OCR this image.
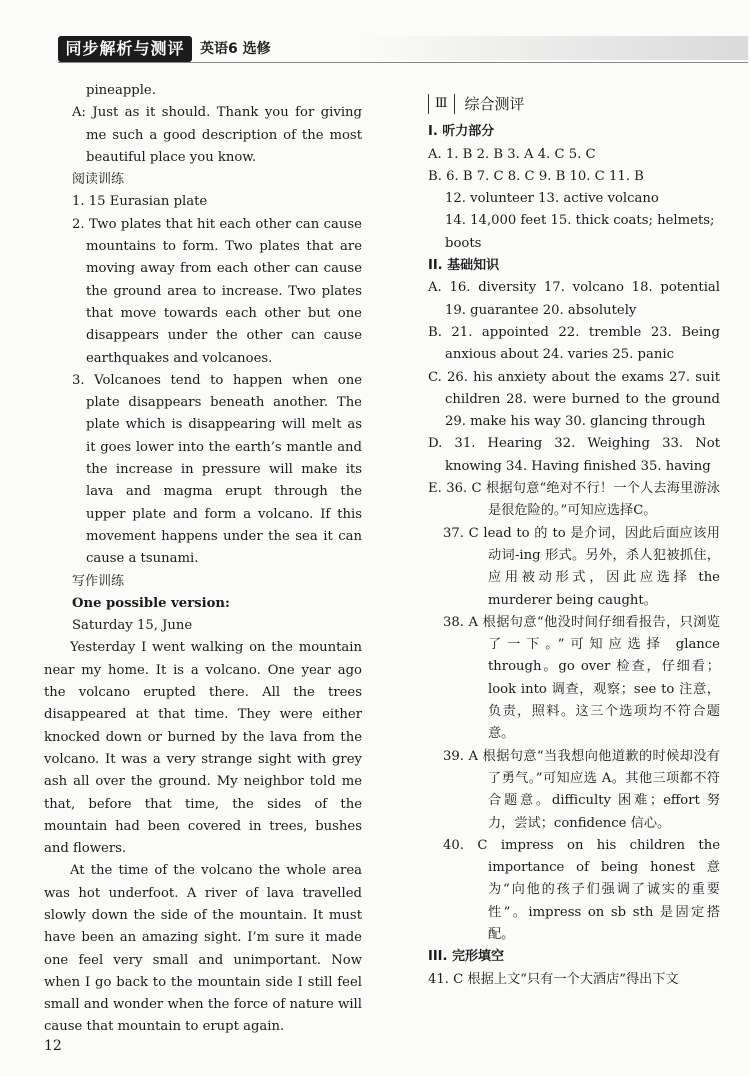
同步解析与测评	英语6 选修

pineapple.

A: Just as it should. Thank you for giving me such a good description of the most beautiful place you know.

阅读训练

1. 15 Eurasian plate

2. Two plates that hit each other can cause mountains to form. Two plates that are moving away from each other can cause the ground area to increase. Two plates that move towards each other but one disappears under the other can cause earthquakes and volcanoes.

3. Volcanoes tend to happen when one plate disappears beneath another. The plate which is disappearing will melt as it goes lower into the earth’s mantle and the increase in pressure will make its lava and magma erupt through the upper plate and form a volcano. If this movement happens under the sea it can cause a tsunami.

写作训练

One possible version:

Saturday 15, June

Yesterday I went walking on the mountain near my home. It is a volcano. One year ago the volcano erupted there. All the trees disappeared at that time. They were either knocked down or burned by the lava from the volcano. It was a very strange sight with grey ash all over the ground. My neighbor told me that, before that time, the sides of the mountain had been covered in trees, bushes and flowers.

At the time of the volcano the whole area was hot underfoot. A river of lava travelled slowly down the side of the mountain. It must have been an amazing sight. I’m sure it made one feel very small and unimportant. Now when I go back to the mountain side I still feel small and wonder when the force of nature will cause that mountain to erupt again.

Ⅲ	综合测评

I. 听力部分

A. 1. B 2. B 3. A 4. C 5. C

B. 6. B 7. C 8. C 9. B 10. C 11. B

12. volunteer 13. active volcano

14. 14,000 feet 15. thick coats; helmets; boots

II. 基础知识

A. 16. diversity 17. volcano 18. potential 19. guarantee 20. absolutely

B. 21. appointed 22. tremble 23. Being anxious about 24. varies 25. panic

C. 26. his anxiety about the exams 27. suit children 28. were burned to the ground 29. make his way 30. glancing through

D. 31. Hearing 32. Weighing 33. Not knowing 34. Having finished 35. having

E. 36. C 根据句意“绝对不行！一个人去海里游泳是很危险的。”可知应选择C。

37. C lead to 的 to 是介词，因此后面应该用动词-ing 形式。另外，杀人犯被抓住，应用被动形式，因此应选择 the murderer being caught。

38. A 根据句意“他没时间仔细看报告，只浏览了一下。”可知应选择 glance through。go over 检查，仔细看；look into 调查，观察；see to 注意，负责，照料。这三个选项均不符合题意。

39. A 根据句意“当我想向他道歉的时候却没有了勇气。”可知应选 A。其他三项都不符合题意。difficulty 困难；effort 努力，尝试；confidence 信心。

40. C impress on his children the importance of being honest 意为“向他的孩子们强调了诚实的重要性”。impress on sb sth 是固定搭配。

III. 完形填空

41. C 根据上文“只有一个大酒店”得出下文

12
